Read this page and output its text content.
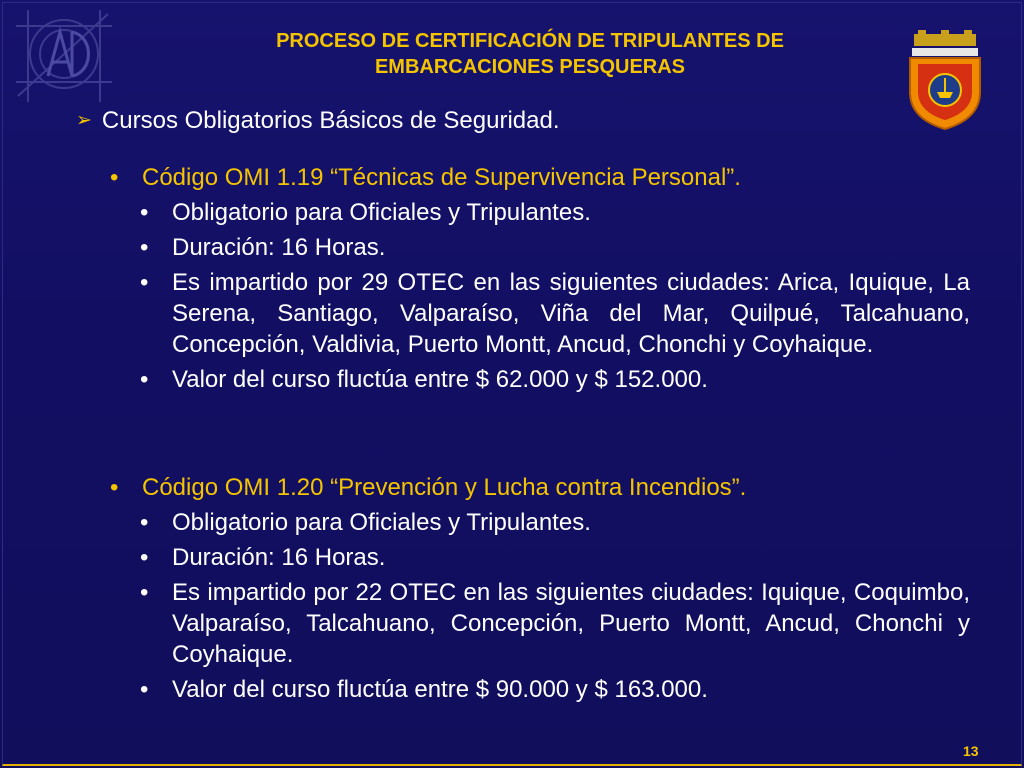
PROCESO DE CERTIFICACIÓN DE TRIPULANTES DE
EMBARCACIONES PESQUERAS
➢ Cursos Obligatorios Básicos de Seguridad.
• Código OMI 1.19 “Técnicas de Supervivencia Personal”.
• Obligatorio para Oficiales y Tripulantes.
• Duración: 16 Horas.
• Es impartido por 29 OTEC en las siguientes ciudades: Arica, Iquique, La Serena, Santiago, Valparaíso, Viña del Mar, Quilpué, Talcahuano, Concepción, Valdivia, Puerto Montt, Ancud, Chonchi y Coyhaique.
• Valor del curso fluctúa entre $ 62.000 y $ 152.000.
• Código OMI 1.20 “Prevención y Lucha contra Incendios”.
• Obligatorio para Oficiales y Tripulantes.
• Duración: 16 Horas.
• Es impartido por 22 OTEC en las siguientes ciudades: Iquique, Coquimbo, Valparaíso, Talcahuano, Concepción, Puerto Montt, Ancud, Chonchi y Coyhaique.
• Valor del curso fluctúa entre $ 90.000 y $ 163.000.
13
